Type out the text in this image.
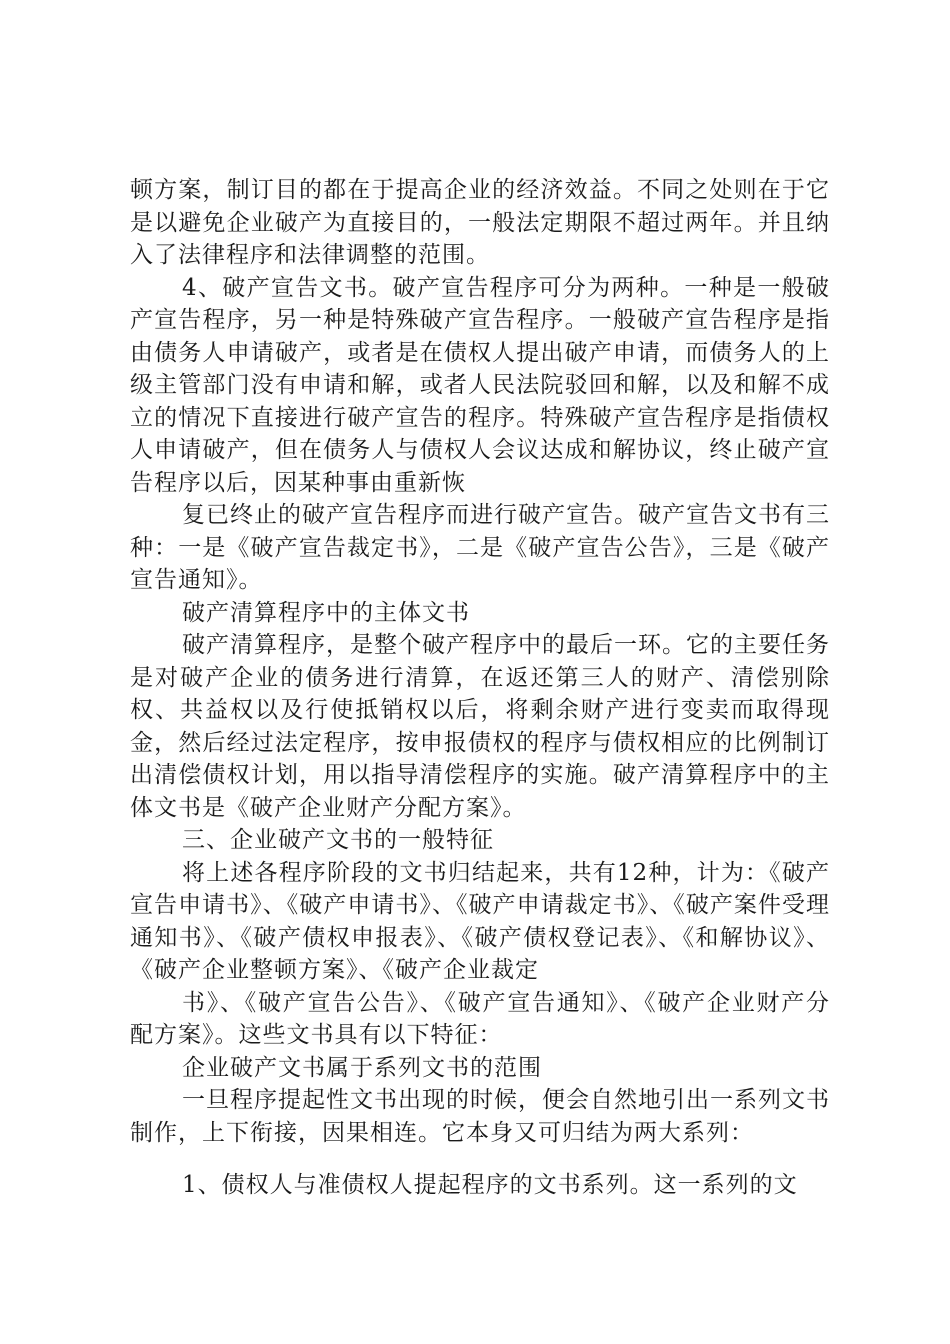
顿方案，制订目的都在于提高企业的经济效益。不同之处则在于它是以避免企业破产为直接目的，一般法定期限不超过两年。并且纳入了法律程序和法律调整的范围。

4、破产宣告文书。破产宣告程序可分为两种。一种是一般破产宣告程序，另一种是特殊破产宣告程序。一般破产宣告程序是指由债务人申请破产，或者是在债权人提出破产申请，而债务人的上级主管部门没有申请和解，或者人民法院驳回和解，以及和解不成立的情况下直接进行破产宣告的程序。特殊破产宣告程序是指债权人申请破产，但在债务人与债权人会议达成和解协议，终止破产宣告程序以后，因某种事由重新恢

复已终止的破产宣告程序而进行破产宣告。破产宣告文书有三种：一是《破产宣告裁定书》，二是《破产宣告公告》，三是《破产宣告通知》。

破产清算程序中的主体文书

破产清算程序，是整个破产程序中的最后一环。它的主要任务是对破产企业的债务进行清算，在返还第三人的财产、清偿别除权、共益权以及行使抵销权以后，将剩余财产进行变卖而取得现金，然后经过法定程序，按申报债权的程序与债权相应的比例制订出清偿债权计划，用以指导清偿程序的实施。破产清算程序中的主体文书是《破产企业财产分配方案》。

三、企业破产文书的一般特征

将上述各程序阶段的文书归结起来，共有12种，计为：《破产宣告申请书》、《破产申请书》、《破产申请裁定书》、《破产案件受理通知书》、《破产债权申报表》、《破产债权登记表》、《和解协议》、《破产企业整顿方案》、《破产企业裁定

书》、《破产宣告公告》、《破产宣告通知》、《破产企业财产分配方案》。这些文书具有以下特征：

企业破产文书属于系列文书的范围

一旦程序提起性文书出现的时候，便会自然地引出一系列文书制作，上下衔接，因果相连。它本身又可归结为两大系列：

1、债权人与准债权人提起程序的文书系列。这一系列的文
